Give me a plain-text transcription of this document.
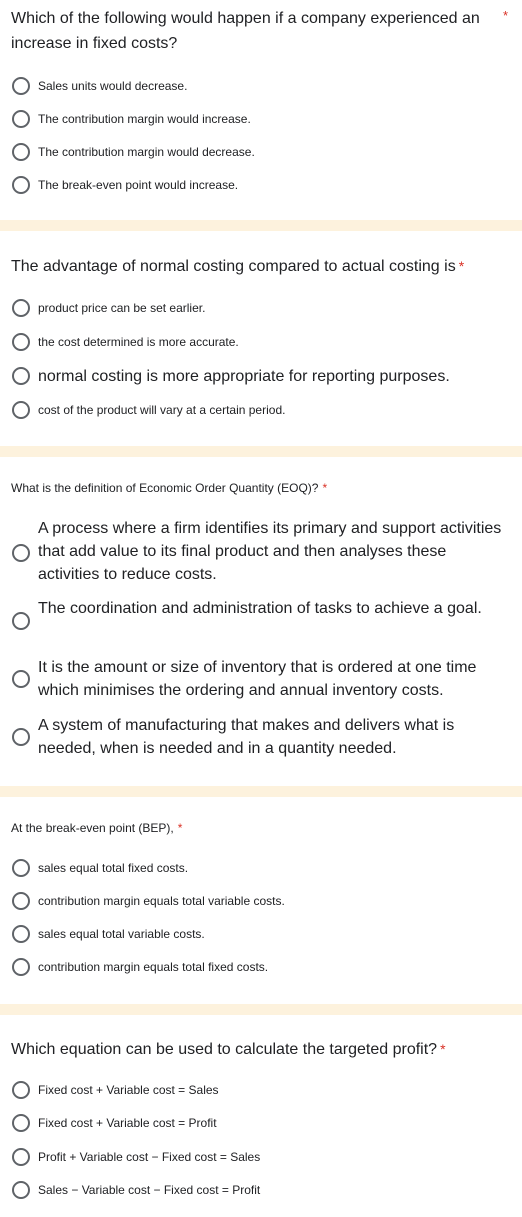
Which of the following would happen if a company experienced an increase in fixed costs?
*
Sales units would decrease.
The contribution margin would increase.
The contribution margin would decrease.
The break-even point would increase.
The advantage of normal costing compared to actual costing is *
product price can be set earlier.
the cost determined is more accurate.
normal costing is more appropriate for reporting purposes.
cost of the product will vary at a certain period.
What is the definition of Economic Order Quantity (EOQ)? *
A process where a firm identifies its primary and support activities that add value to its final product and then analyses these activities to reduce costs.
The coordination and administration of tasks to achieve a goal.
It is the amount or size of inventory that is ordered at one time which minimises the ordering and annual inventory costs.
A system of manufacturing that makes and delivers what is needed, when is needed and in a quantity needed.
At the break-even point (BEP), *
sales equal total fixed costs.
contribution margin equals total variable costs.
sales equal total variable costs.
contribution margin equals total fixed costs.
Which equation can be used to calculate the targeted profit? *
Fixed cost + Variable cost = Sales
Fixed cost + Variable cost = Profit
Profit + Variable cost − Fixed cost = Sales
Sales − Variable cost − Fixed cost = Profit
